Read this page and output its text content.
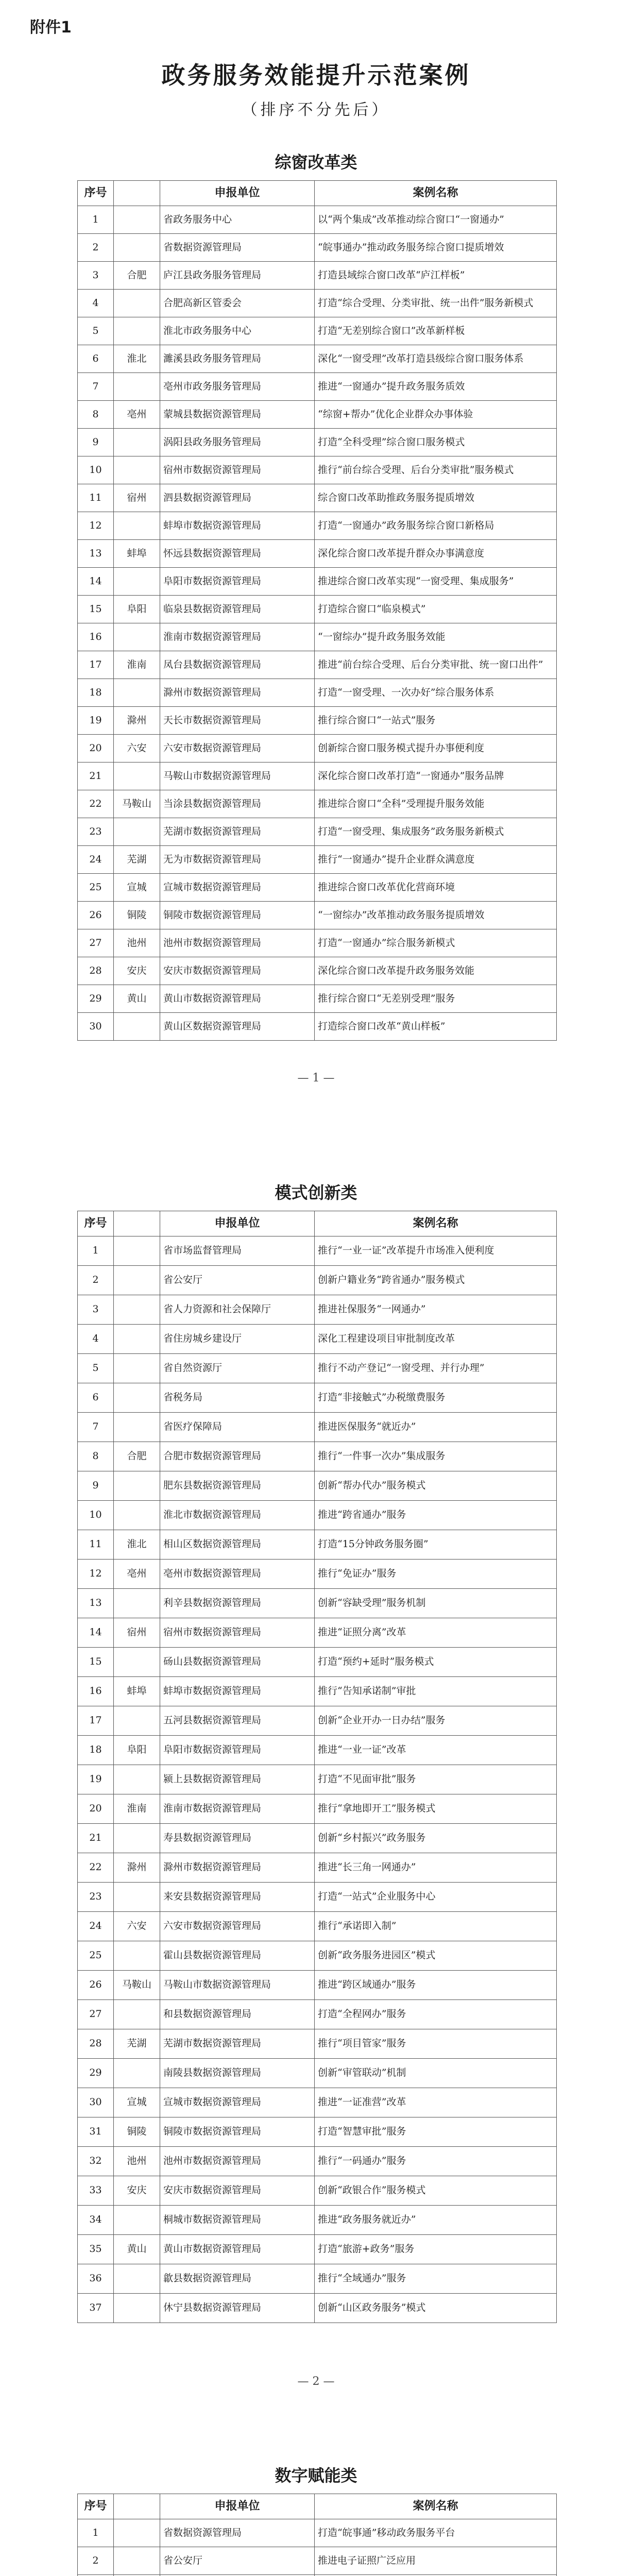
附件1
政务服务效能提升示范案例
（排序不分先后）
综窗改革类
序号		申报单位	案例名称
1		省政务服务中心	以“两个集成”改革推动综合窗口“一窗通办”
2		省数据资源管理局	“皖事通办”推动政务服务综合窗口提质增效
3	合肥	庐江县政务服务管理局	打造县域综合窗口改革“庐江样板”
4		合肥高新区管委会	打造“综合受理、分类审批、统一出件”服务新模式
5		淮北市政务服务中心	打造“无差别综合窗口”改革新样板
6	淮北	濉溪县政务服务管理局	深化“一窗受理”改革打造县级综合窗口服务体系
7		亳州市政务服务管理局	推进“一窗通办”提升政务服务质效
8	亳州	蒙城县数据资源管理局	“综窗+帮办”优化企业群众办事体验
9		涡阳县政务服务管理局	打造“全科受理”综合窗口服务模式
10		宿州市数据资源管理局	推行“前台综合受理、后台分类审批”服务模式
11	宿州	泗县数据资源管理局	综合窗口改革助推政务服务提质增效
12		蚌埠市数据资源管理局	打造“一窗通办”政务服务综合窗口新格局
13	蚌埠	怀远县数据资源管理局	深化综合窗口改革提升群众办事满意度
14		阜阳市数据资源管理局	推进综合窗口改革实现“一窗受理、集成服务”
15	阜阳	临泉县数据资源管理局	打造综合窗口“临泉模式”
16		淮南市数据资源管理局	“一窗综办”提升政务服务效能
17	淮南	凤台县数据资源管理局	推进“前台综合受理、后台分类审批、统一窗口出件”
18		滁州市数据资源管理局	打造“一窗受理、一次办好”综合服务体系
19	滁州	天长市数据资源管理局	推行综合窗口“一站式”服务
20	六安	六安市数据资源管理局	创新综合窗口服务模式提升办事便利度
21		马鞍山市数据资源管理局	深化综合窗口改革打造“一窗通办”服务品牌
22	马鞍山	当涂县数据资源管理局	推进综合窗口“全科”受理提升服务效能
23		芜湖市数据资源管理局	打造“一窗受理、集成服务”政务服务新模式
24	芜湖	无为市数据资源管理局	推行“一窗通办”提升企业群众满意度
25	宣城	宣城市数据资源管理局	推进综合窗口改革优化营商环境
26	铜陵	铜陵市数据资源管理局	“一窗综办”改革推动政务服务提质增效
27	池州	池州市数据资源管理局	打造“一窗通办”综合服务新模式
28	安庆	安庆市数据资源管理局	深化综合窗口改革提升政务服务效能
29	黄山	黄山市数据资源管理局	推行综合窗口“无差别受理”服务
30		黄山区数据资源管理局	打造综合窗口改革“黄山样板”
— 1 —
模式创新类
序号		申报单位	案例名称
1		省市场监督管理局	推行“一业一证”改革提升市场准入便利度
2		省公安厅	创新户籍业务“跨省通办”服务模式
3		省人力资源和社会保障厅	推进社保服务“一网通办”
4		省住房城乡建设厅	深化工程建设项目审批制度改革
5		省自然资源厅	推行不动产登记“一窗受理、并行办理”
6		省税务局	打造“非接触式”办税缴费服务
7		省医疗保障局	推进医保服务“就近办”
8	合肥	合肥市数据资源管理局	推行“一件事一次办”集成服务
9		肥东县数据资源管理局	创新“帮办代办”服务模式
10		淮北市数据资源管理局	推进“跨省通办”服务
11	淮北	相山区数据资源管理局	打造“15分钟政务服务圈”
12	亳州	亳州市数据资源管理局	推行“免证办”服务
13		利辛县数据资源管理局	创新“容缺受理”服务机制
14	宿州	宿州市数据资源管理局	推进“证照分离”改革
15		砀山县数据资源管理局	打造“预约+延时”服务模式
16	蚌埠	蚌埠市数据资源管理局	推行“告知承诺制”审批
17		五河县数据资源管理局	创新“企业开办一日办结”服务
18	阜阳	阜阳市数据资源管理局	推进“一业一证”改革
19		颍上县数据资源管理局	打造“不见面审批”服务
20	淮南	淮南市数据资源管理局	推行“拿地即开工”服务模式
21		寿县数据资源管理局	创新“乡村振兴”政务服务
22	滁州	滁州市数据资源管理局	推进“长三角一网通办”
23		来安县数据资源管理局	打造“一站式”企业服务中心
24	六安	六安市数据资源管理局	推行“承诺即入制”
25		霍山县数据资源管理局	创新“政务服务进园区”模式
26	马鞍山	马鞍山市数据资源管理局	推进“跨区域通办”服务
27		和县数据资源管理局	打造“全程网办”服务
28	芜湖	芜湖市数据资源管理局	推行“项目管家”服务
29		南陵县数据资源管理局	创新“审管联动”机制
30	宣城	宣城市数据资源管理局	推进“一证准营”改革
31	铜陵	铜陵市数据资源管理局	打造“智慧审批”服务
32	池州	池州市数据资源管理局	推行“一码通办”服务
33	安庆	安庆市数据资源管理局	创新“政银合作”服务模式
34		桐城市数据资源管理局	推进“政务服务就近办”
35	黄山	黄山市数据资源管理局	打造“旅游+政务”服务
36		歙县数据资源管理局	推行“全域通办”服务
37		休宁县数据资源管理局	创新“山区政务服务”模式
— 2 —
数字赋能类
序号		申报单位	案例名称
1		省数据资源管理局	打造“皖事通”移动政务服务平台
2		省公安厅	推进电子证照广泛应用
